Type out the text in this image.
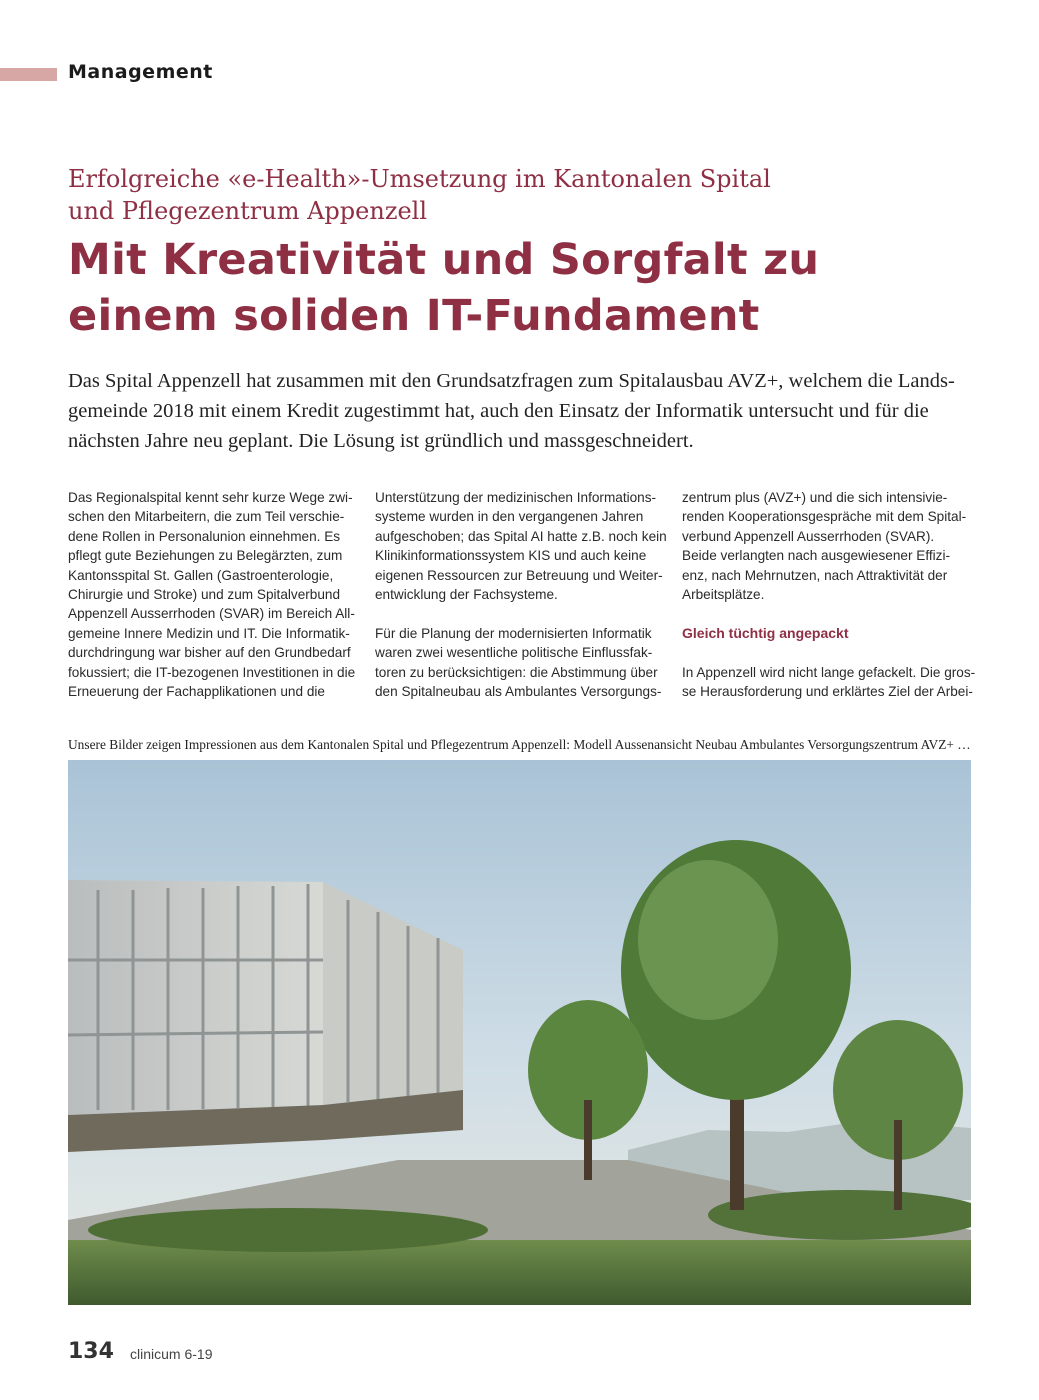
Management
Erfolgreiche «e-Health»-Umsetzung im Kantonalen Spital
und Pflegezentrum Appenzell
Mit Kreativität und Sorgfalt zu
einem soliden IT-Fundament
Das Spital Appenzell hat zusammen mit den Grundsatzfragen zum Spitalausbau AVZ+, welchem die Lands-
gemeinde 2018 mit einem Kredit zugestimmt hat, auch den Einsatz der Informatik untersucht und für die
nächsten Jahre neu geplant. Die Lösung ist gründlich und massgeschneidert.
Das Regionalspital kennt sehr kurze Wege zwi-
schen den Mitarbeitern, die zum Teil verschie-
dene Rollen in Personalunion einnehmen. Es
pflegt gute Beziehungen zu Belegärzten, zum
Kantonsspital St. Gallen (Gastroenterologie,
Chirurgie und Stroke) und zum Spitalverbund
Appenzell Ausserrhoden (SVAR) im Bereich All-
gemeine Innere Medizin und IT. Die Informatik-
durchdringung war bisher auf den Grundbedarf
fokussiert; die IT-bezogenen Investitionen in die
Erneuerung der Fachapplikationen und die
Unterstützung der medizinischen Informations-
systeme wurden in den vergangenen Jahren
aufgeschoben; das Spital AI hatte z.B. noch kein
Klinikinformationssystem KIS und auch keine
eigenen Ressourcen zur Betreuung und Weiter-
entwicklung der Fachsysteme.
Für die Planung der modernisierten Informatik
waren zwei wesentliche politische Einflussfak-
toren zu berücksichtigen: die Abstimmung über
den Spitalneubau als Ambulantes Versorgungs-
zentrum plus (AVZ+) und die sich intensivie-
renden Kooperationsgespräche mit dem Spital-
verbund Appenzell Ausserrhoden (SVAR).
Beide verlangten nach ausgewiesener Effizi-
enz, nach Mehrnutzen, nach Attraktivität der
Arbeitsplätze.
Gleich tüchtig angepackt
In Appenzell wird nicht lange gefackelt. Die gros-
se Herausforderung und erklärtes Ziel der Arbei-
Unsere Bilder zeigen Impressionen aus dem Kantonalen Spital und Pflegezentrum Appenzell: Modell Aussenansicht Neubau Ambulantes Versorgungszentrum AVZ+ …
134 clinicum 6-19
